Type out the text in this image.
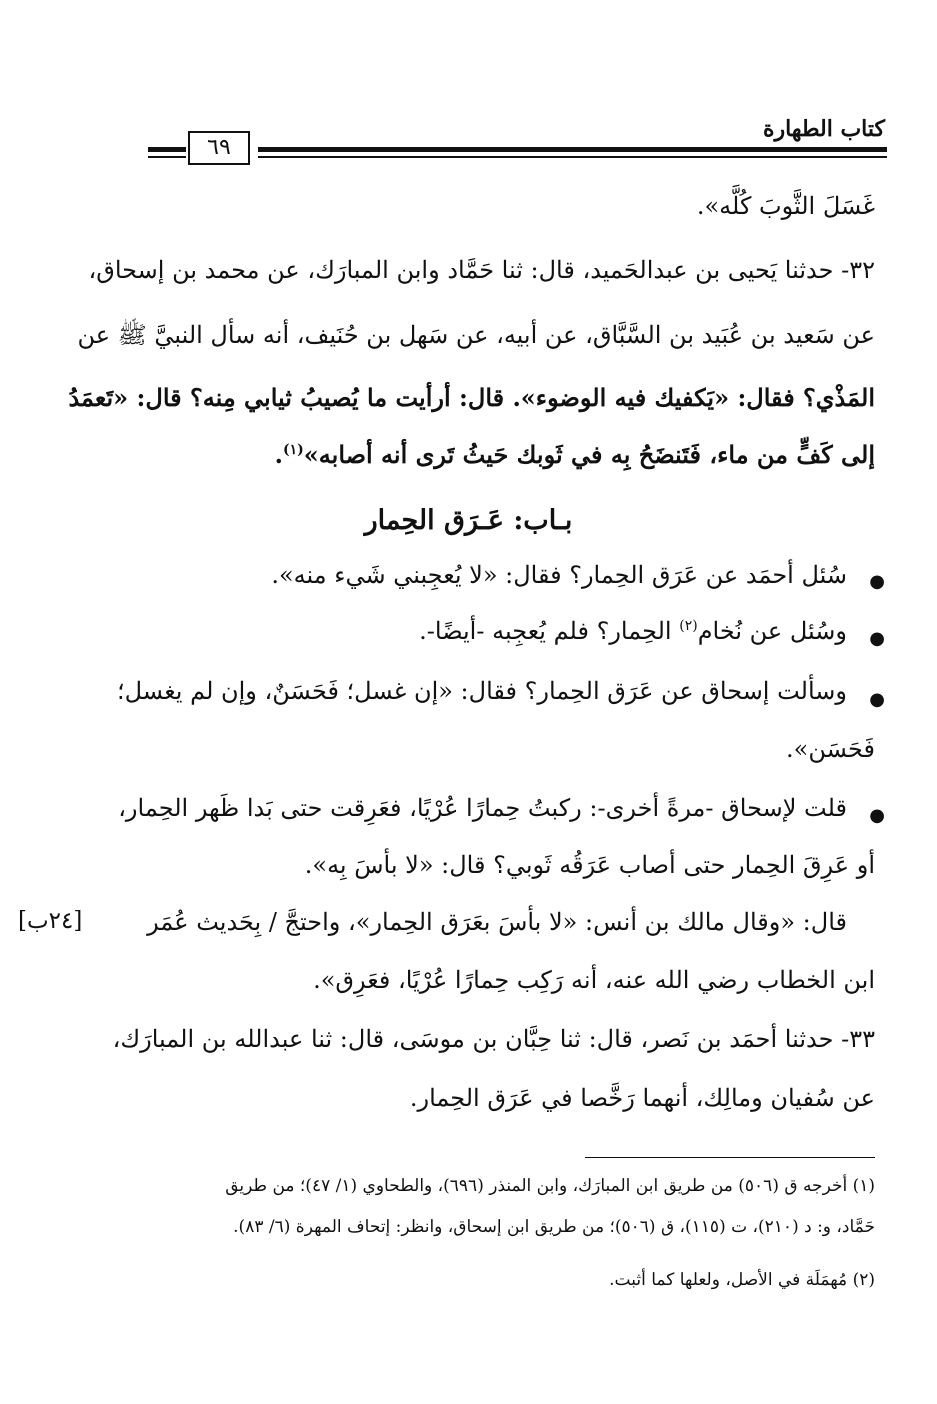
كتاب الطهارة
٦٩
غَسَلَ الثَّوبَ كُلَّه».
٣٢- حدثنا يَحيى بن عبدالحَميد، قال: ثنا حَمَّاد وابن المبارَك، عن محمد بن إسحاق،
عن سَعيد بن عُبَيد بن السَّبَّاق، عن أبيه، عن سَهل بن حُنَيف، أنه سأل النبيَّ ﷺ عن
المَذْي؟ فقال: «يَكفيك فيه الوضوء». قال: أرأيت ما يُصيبُ ثيابي مِنه؟ قال: «تَعمَدُ
إلى كَفٍّ من ماء، فَتَنضَحُ بِه في ثَوبك حَيثُ تَرى أنه أصابه»$^{(١)}$.
بـاب: عَـرَق الحِمار
●
سُئل أحمَد عن عَرَق الحِمار؟ فقال: «لا يُعجِبني شَيء منه».
●
وسُئل عن نُخام$^{(٢)}$ الحِمار؟ فلم يُعجِبه -أيضًا-.
●
وسألت إسحاق عن عَرَق الحِمار؟ فقال: «إن غسل؛ فَحَسَنٌ، وإن لم يغسل؛
فَحَسَن».
●
قلت لإسحاق -مرةً أخرى-: ركبتُ حِمارًا عُرْيًا، فعَرِقت حتى بَدا ظَهر الحِمار،
أو عَرِقَ الحِمار حتى أصاب عَرَقُه ثَوبي؟ قال: «لا بأسَ بِه».
قال: «وقال مالك بن أنس: «لا بأسَ بعَرَق الحِمار»، واحتجَّ / بِحَديث عُمَر
[٢٤ب]
ابن الخطاب رضي الله عنه، أنه رَكِب حِمارًا عُرْيًا، فعَرِق».
٣٣- حدثنا أحمَد بن نَصر، قال: ثنا حِبَّان بن موسَى، قال: ثنا عبدالله بن المبارَك،
عن سُفيان ومالِك، أنهما رَخَّصا في عَرَق الحِمار.
(١) أخرجه ق (٥٠٦) من طريق ابن المبارَك، وابن المنذر (٦٩٦)، والطحاوي (١/ ٤٧)؛ من طريق
حَمَّاد، و: د (٢١٠)، ت (١١٥)، ق (٥٠٦)؛ من طريق ابن إسحاق، وانظر: إتحاف المهرة (٦/ ٨٣).
(٢) مُهمَلَة في الأصل، ولعلها كما أثبت.
